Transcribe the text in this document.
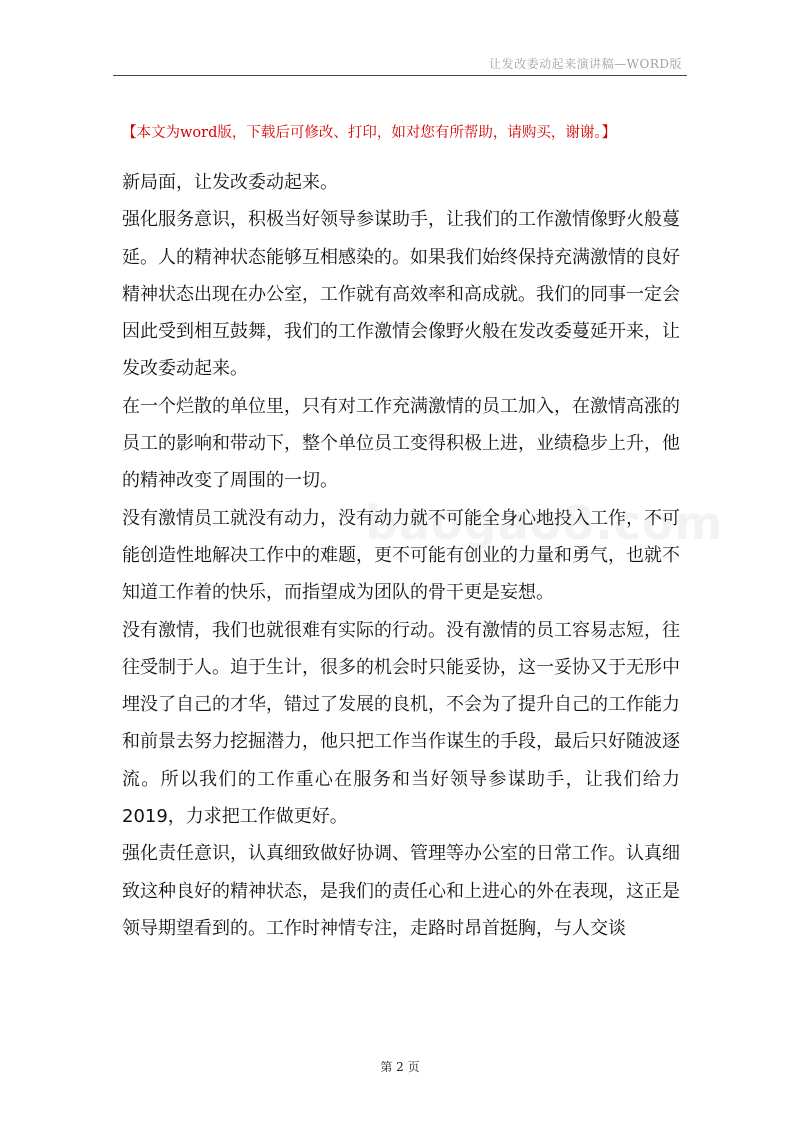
让发改委动起来演讲稿—WORD版
【本文为word版，下载后可修改、打印，如对您有所帮助，请购买，谢谢。】

新局面，让发改委动起来。

强化服务意识，积极当好领导参谋助手，让我们的工作激情像野火般蔓延。人的精神状态能够互相感染的。如果我们始终保持充满激情的良好精神状态出现在办公室，工作就有高效率和高成就。我们的同事一定会因此受到相互鼓舞，我们的工作激情会像野火般在发改委蔓延开来，让发改委动起来。

在一个烂散的单位里，只有对工作充满激情的员工加入，在激情高涨的员工的影响和带动下，整个单位员工变得积极上进，业绩稳步上升，他的精神改变了周围的一切。

没有激情员工就没有动力，没有动力就不可能全身心地投入工作，不可能创造性地解决工作中的难题，更不可能有创业的力量和勇气，也就不知道工作着的快乐，而指望成为团队的骨干更是妄想。

没有激情，我们也就很难有实际的行动。没有激情的员工容易志短，往往受制于人。迫于生计，很多的机会时只能妥协，这一妥协又于无形中埋没了自己的才华，错过了发展的良机，不会为了提升自己的工作能力和前景去努力挖掘潜力，他只把工作当作谋生的手段，最后只好随波逐流。所以我们的工作重心在服务和当好领导参谋助手，让我们给力2019，力求把工作做更好。

强化责任意识，认真细致做好协调、管理等办公室的日常工作。认真细致这种良好的精神状态，是我们的责任心和上进心的外在表现，这正是领导期望看到的。工作时神情专注，走路时昂首挺胸，与人交谈

第 2 页
